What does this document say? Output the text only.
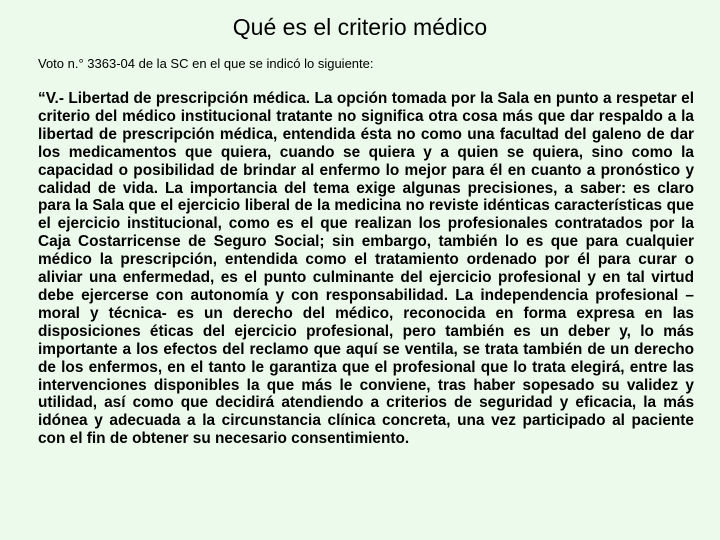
Qué es el criterio médico
Voto n.° 3363-04 de la SC en el que se indicó lo siguiente:

“V.- Libertad de prescripción médica. La opción tomada por la Sala en punto a respetar el criterio del médico institucional tratante no significa otra cosa más que dar respaldo a la libertad de prescripción médica, entendida ésta no como una facultad del galeno de dar los medicamentos que quiera, cuando se quiera y a quien se quiera, sino como la capacidad o posibilidad de brindar al enfermo lo mejor para él en cuanto a pronóstico y calidad de vida. La importancia del tema exige algunas precisiones, a saber: es claro para la Sala que el ejercicio liberal de la medicina no reviste idénticas características que el ejercicio institucional, como es el que realizan los profesionales contratados por la Caja Costarricense de Seguro Social; sin embargo, también lo es que para cualquier médico la prescripción, entendida como el tratamiento ordenado por él para curar o aliviar una enfermedad, es el punto culminante del ejercicio profesional y en tal virtud debe ejercerse con autonomía y con responsabilidad. La independencia profesional –moral y técnica- es un derecho del médico, reconocida en forma expresa en las disposiciones éticas del ejercicio profesional, pero también es un deber y, lo más importante a los efectos del reclamo que aquí se ventila, se trata también de un derecho de los enfermos, en el tanto le garantiza que el profesional que lo trata elegirá, entre las intervenciones disponibles la que más le conviene, tras haber sopesado su validez y utilidad, así como que decidirá atendiendo a criterios de seguridad y eficacia, la más idónea y adecuada a la circunstancia clínica concreta, una vez participado al paciente con el fin de obtener su necesario consentimiento.
